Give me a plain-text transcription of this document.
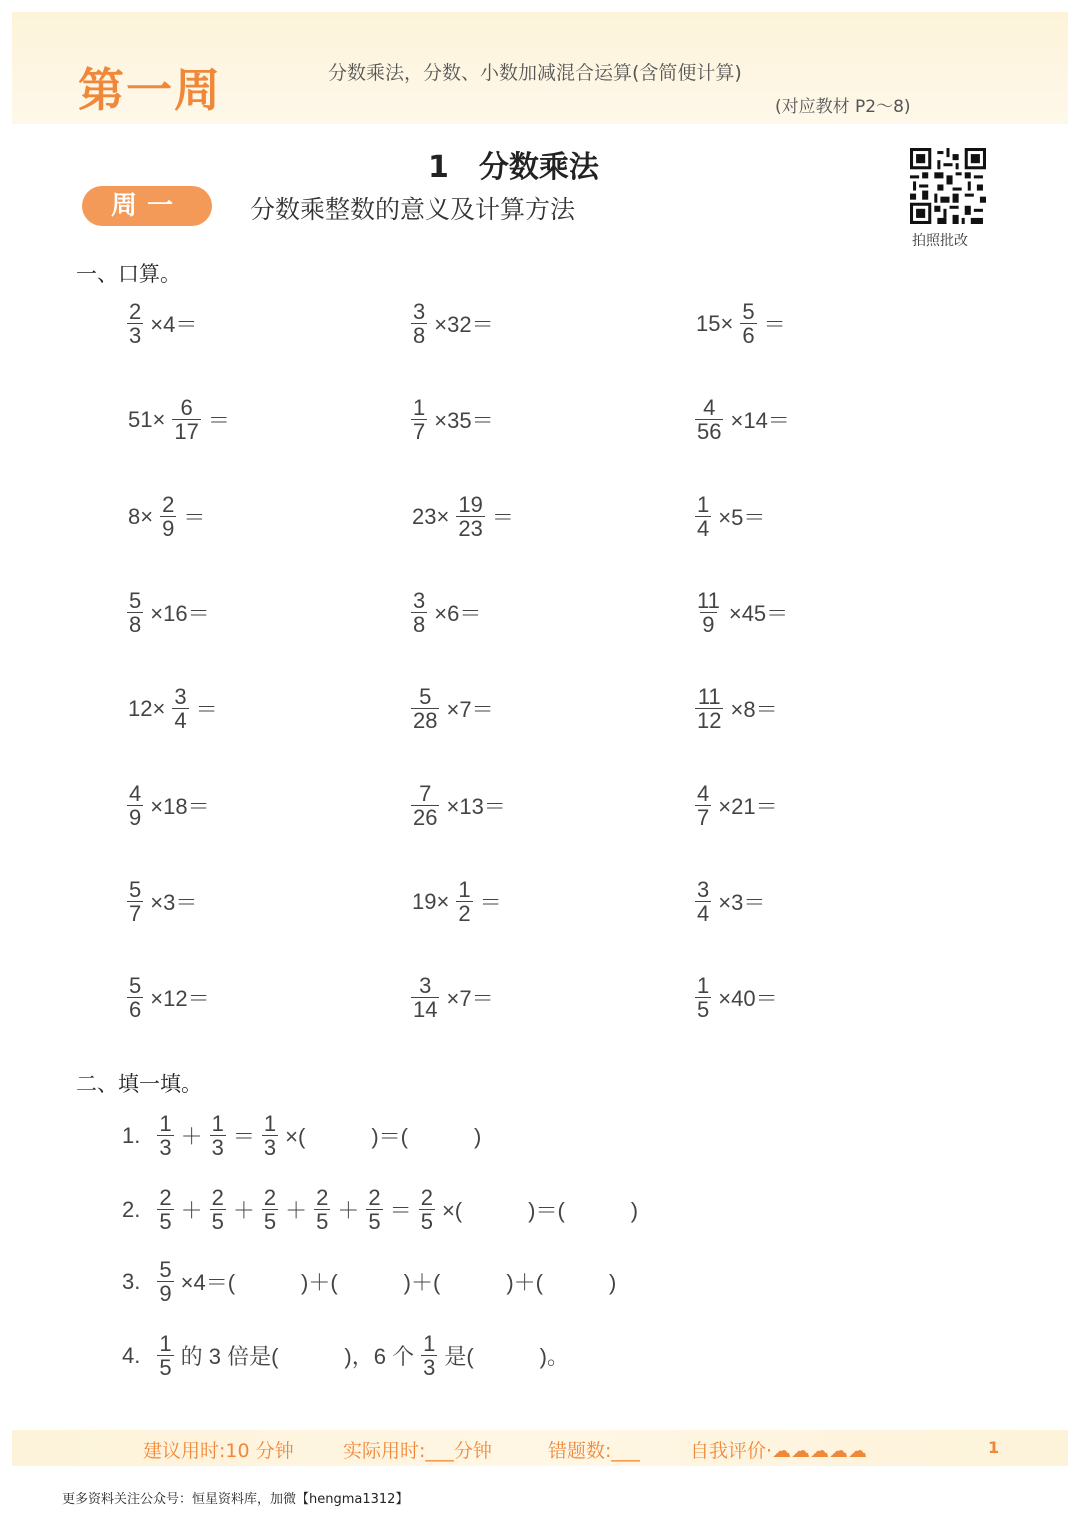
第一周	分数乘法，分数、小数加减混合运算(含简便计算)
(对应教材 P2～8)
1　分数乘法
周一	分数乘整数的意义及计算方法
拍照批改
一、口算。
$\frac{2}{3} \times 4=$	$\frac{3}{8} \times 32=$	$15\times \frac{5}{6}$ ＝
$51\times \frac{6}{17}$ ＝	$\frac{1}{7} \times 35=$	$\frac{4}{56} \times 14=$
$8\times \frac{2}{9}$ ＝	$23\times \frac{19}{23}$ ＝	$\frac{1}{4} \times 5=$
$\frac{5}{8} \times 16=$	$\frac{3}{8} \times 6=$	$\frac{11}{9} \times 45=$
$12\times \frac{3}{4}$ ＝	$\frac{5}{28} \times 7=$	$\frac{11}{12} \times 8=$
$\frac{4}{9} \times 18=$	$\frac{7}{26} \times 13=$	$\frac{4}{7} \times 21=$
$\frac{5}{7} \times 3=$	$19\times \frac{1}{2}$ ＝	$\frac{3}{4} \times 3=$
$\frac{5}{6} \times 12=$	$\frac{3}{14} \times 7=$	$\frac{1}{5} \times 40=$
二、填一填。
1. $\frac{1}{3} + \frac{1}{3} = \frac{1}{3}$ ×(　　　)＝(　　　)
2. $\frac{2}{5} + \frac{2}{5} + \frac{2}{5} + \frac{2}{5} + \frac{2}{5} = \frac{2}{5}$ ×(　　　)＝(　　　)
3. $\frac{5}{9} \times 4=$(　　　)＋(　　　)＋(　　　)＋(　　　)
4. $\frac{1}{5}$ 的 3 倍是(　　　)，6 个 $\frac{1}{3}$ 是(　　　)。
建议用时:10 分钟	实际用时:___分钟	错题数:___	自我评价·☁☁☁☁☁	1
更多资料关注公众号：恒星资料库，加微【hengma1312】
